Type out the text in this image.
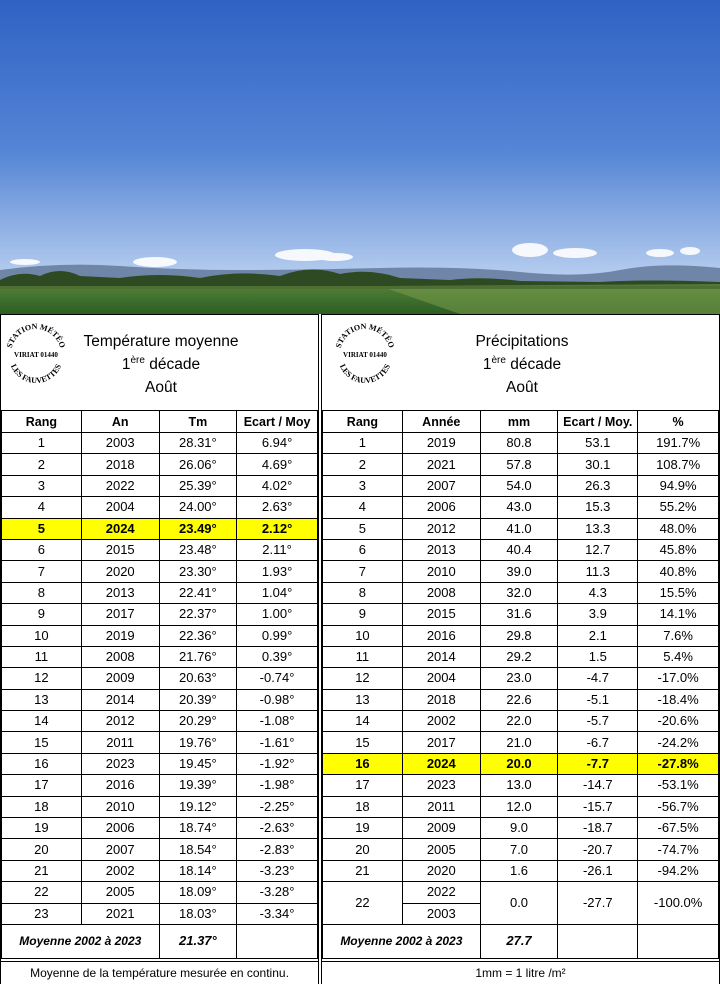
STATION MÉTÉO
VIRIAT 01440
LES FAUVETTES
Température moyenne
1ère décade
Août
Rang	An	Tm	Ecart / Moy
1	2003	28.31°	6.94°
2	2018	26.06°	4.69°
3	2022	25.39°	4.02°
4	2004	24.00°	2.63°
5	2024	23.49°	2.12°
6	2015	23.48°	2.11°
7	2020	23.30°	1.93°
8	2013	22.41°	1.04°
9	2017	22.37°	1.00°
10	2019	22.36°	0.99°
11	2008	21.76°	0.39°
12	2009	20.63°	-0.74°
13	2014	20.39°	-0.98°
14	2012	20.29°	-1.08°
15	2011	19.76°	-1.61°
16	2023	19.45°	-1.92°
17	2016	19.39°	-1.98°
18	2010	19.12°	-2.25°
19	2006	18.74°	-2.63°
20	2007	18.54°	-2.83°
21	2002	18.14°	-3.23°
22	2005	18.09°	-3.28°
23	2021	18.03°	-3.34°
Moyenne 2002 à 2023		21.37°	
Moyenne de la température mesurée en continu.
STATION MÉTÉO
VIRIAT 01440
LES FAUVETTES
Précipitations
1ère décade
Août
Rang	Année	mm	Ecart / Moy.	%
1	2019	80.8	53.1	191.7%
2	2021	57.8	30.1	108.7%
3	2007	54.0	26.3	94.9%
4	2006	43.0	15.3	55.2%
5	2012	41.0	13.3	48.0%
6	2013	40.4	12.7	45.8%
7	2010	39.0	11.3	40.8%
8	2008	32.0	4.3	15.5%
9	2015	31.6	3.9	14.1%
10	2016	29.8	2.1	7.6%
11	2014	29.2	1.5	5.4%
12	2004	23.0	-4.7	-17.0%
13	2018	22.6	-5.1	-18.4%
14	2002	22.0	-5.7	-20.6%
15	2017	21.0	-6.7	-24.2%
16	2024	20.0	-7.7	-27.8%
17	2023	13.0	-14.7	-53.1%
18	2011	12.0	-15.7	-56.7%
19	2009	9.0	-18.7	-67.5%
20	2005	7.0	-20.7	-74.7%
21	2020	1.6	-26.1	-94.2%
22	2022	0.0	-27.7	-100.0%
	2003			
Moyenne 2002 à 2023		27.7		
1mm = 1 litre /m²
